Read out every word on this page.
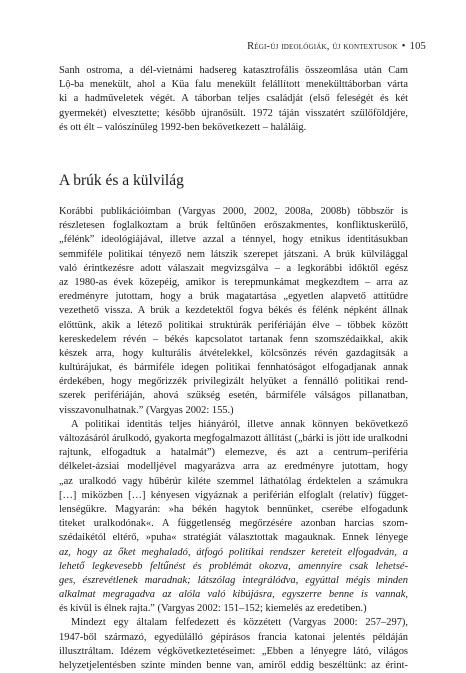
Régi-új ideológiák, új kontextusok • 105
Sanh ostroma, a dél-vietnámi hadsereg katasztrofális összeomlása után Cam
Lộ-ba menekült, ahol a Küa falu menekült felállított menekülttáborban várta
ki a hadműveletek végét. A táborban teljes családját (első feleségét és két
gyermekét) elvesztette; később újranősült. 1972 táján visszatért szülőföldjére,
és ott élt – valószínűleg 1992-ben bekövetkezett – haláláig.
A brúk és a külvilág
Korábbi publikációimban (Vargyas 2000, 2002, 2008a, 2008b) többször is
részletesen foglalkoztam a brúk feltűnően erőszakmentes, konfliktuskerülő,
„félénk” ideológiájával, illetve azzal a ténnyel, hogy etnikus identitásukban
semmiféle politikai tényező nem látszik szerepet játszani. A brúk külvilággal
való érintkezésre adott válaszait megvizsgálva – a legkorábbi időktől egész
az 1980-as évek közepéig, amikor is terepmunkámat megkezdtem – arra az
eredményre jutottam, hogy a brúk magatartása „egyetlen alapvető attitűdre
vezethető vissza. A brúk a kezdetektől fogva békés és félénk népként állnak
előttünk, akik a létező politikai struktúrák perifériáján élve – többek között
kereskedelem révén – békés kapcsolatot tartanak fenn szomszédaikkal, akik
készek arra, hogy kulturális átvételekkel, kölcsönzés révén gazdagítsák a
kultúrájukat, és bármiféle idegen politikai fennhatóságot elfogadjanak annak
érdekében, hogy megőrizzék privilegizált helyüket a fennálló politikai rend-
szerek perifériáján, ahová szükség esetén, bármiféle válságos pillanatban,
visszavonulhatnak.” (Vargyas 2002: 155.)
A politikai identitás teljes hiányáról, illetve annak könnyen bekövetkező
változásáról árulkodó, gyakorta megfogalmazott állítást („bárki is jött ide uralkodni
rajtunk, elfogadtuk a hatalmát”) elemezve, és azt a centrum–periféria
délkelet-ázsiai modelljével magyarázva arra az eredményre jutottam, hogy
„az uralkodó vagy hűbérúr kiléte szemmel láthatólag érdektelen a számukra
[…] miközben […] kényesen vigyáznak a periférián elfoglalt (relatív) függet-
lenségükre. Magyarán: »ha békén hagytok bennünket, cserébe elfogadunk
titeket uralkodónak«. A függetlenség megőrzésére azonban harcias szom-
szédaikétól eltérő, »puha« stratégiát választottak magauknak. Ennek lényege
az, hogy az őket meghaladó, átfogó politikai rendszer kereteit elfogadván, a
lehető legkevesebb feltűnést és problémát okozva, amennyire csak lehetsé-
ges, észrevétlenek maradnak; látszólag integrálódva, egyúttal mégis minden
alkalmat megragadva az alóla való kibújásra, egyszerre benne is vannak,
és kívül is élnek rajta.” (Vargyas 2002: 151–152; kiemelés az eredetiben.)
Mindezt egy általam felfedezett és közzétett (Vargyas 2000: 257–297),
1947-ből származó, egyedülálló gépírásos francia katonai jelentés példáján
illusztráltam. Idézem végkövetkeztetéseimet: „Ebben a lényegre látó, világos
helyzetjelentésben szinte minden benne van, amiről eddig beszéltünk: az érint-
